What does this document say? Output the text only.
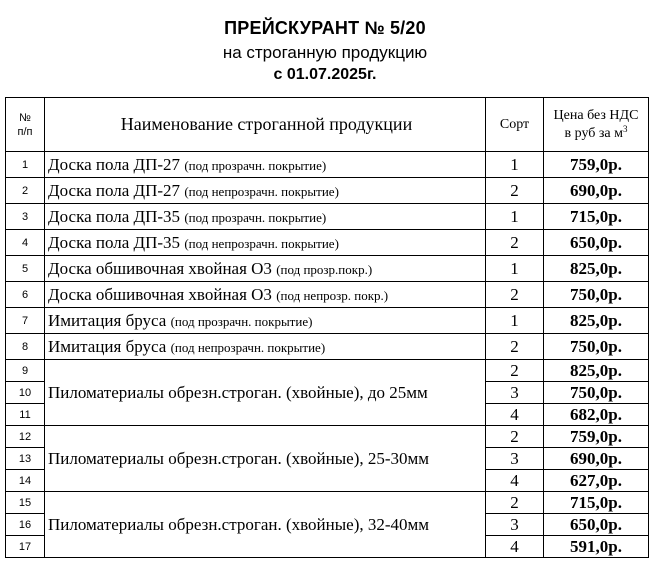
ПРЕЙСКУРАНТ № 5/20
на строганную продукцию
с 01.07.2025г.
№
п/п	Наименование строганной продукции	Сорт	Цена без НДС
в руб за $м^3$
1	Доска пола ДП-27 (под прозрачн. покрытие)	1	759,0р.
2	Доска пола ДП-27 (под непрозрачн. покрытие)	2	690,0р.
3	Доска пола ДП-35 (под прозрачн. покрытие)	1	715,0р.
4	Доска пола ДП-35 (под непрозрачн. покрытие)	2	650,0р.
5	Доска обшивочная хвойная О3 (под прозр.покр.)	1	825,0р.
6	Доска обшивочная хвойная О3 (под непрозр. покр.)	2	750,0р.
7	Имитация бруса (под прозрачн. покрытие)	1	825,0р.
8	Имитация бруса (под непрозрачн. покрытие)	2	750,0р.
9	Пиломатериалы обрезн.строган. (хвойные), до 25мм	2	825,0р.
10		3	750,0р.
11		4	682,0р.
12	Пиломатериалы обрезн.строган. (хвойные), 25-30мм	2	759,0р.
13		3	690,0р.
14		4	627,0р.
15	Пиломатериалы обрезн.строган. (хвойные), 32-40мм	2	715,0р.
16		3	650,0р.
17		4	591,0р.
